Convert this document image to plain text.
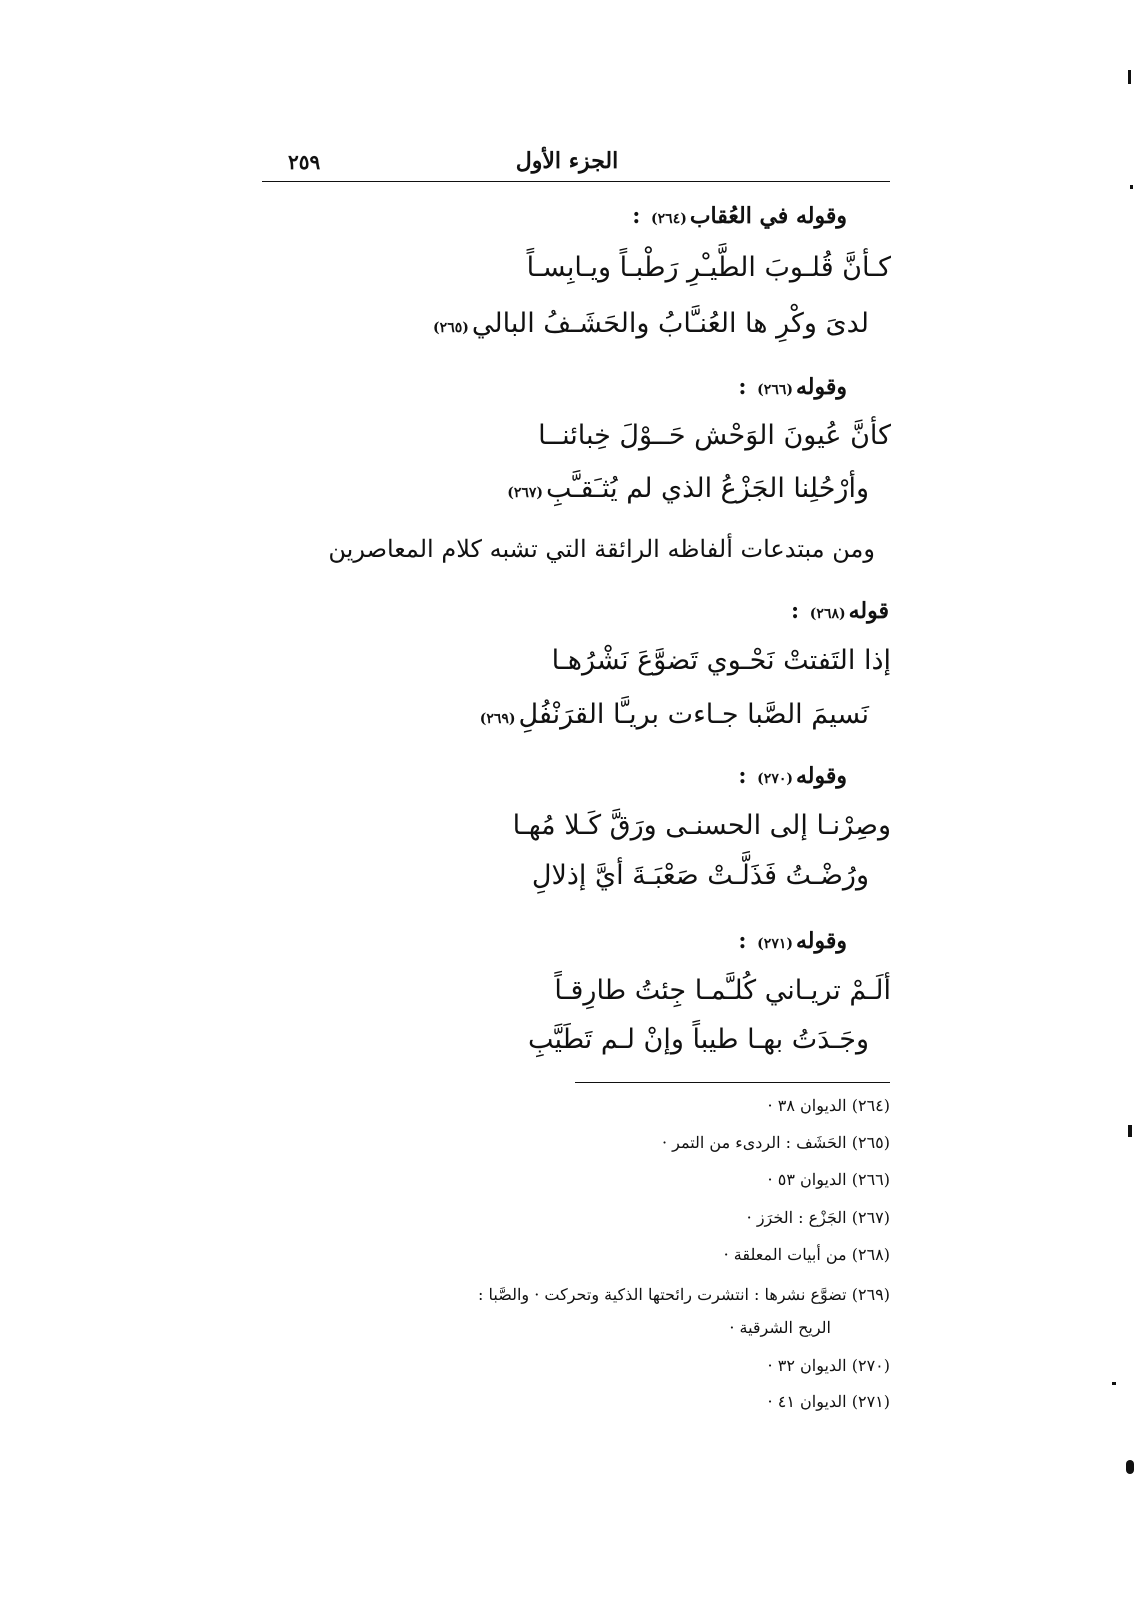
٢٥٩	الجزء الأول
وقوله في العُقاب(٢٦٤) :
كـأنَّ قُلـوبَ الطَّيـْرِ رَطْبـاً ويـابِسـاً
لدىَ وكْرِ ها العُنـَّابُ والحَشَـفُ البالي(٢٦٥)
وقوله(٢٦٦) :
كأنَّ عُيونَ الوَحْش حَــوْلَ خِبائنــا
وأرْحُلِنا الجَزْعُ الذي لم يُثـَقـَّبِ(٢٦٧)
ومن مبتدعات ألفاظه الرائقة التي تشبه كلام المعاصرين
قوله(٢٦٨) :
إذا التَفتتْ نَحْـوي تَضوَّعَ نَشْرُهـا
نَسيمَ الصَّبا جـاءت بريـَّا القرَنْفُلِ(٢٦٩)
وقوله(٢٧٠) :
وصِرْنـا إلى الحسنـى ورَقَّ كَـلا مُهـا
ورُضْـتُ فَذَلَّـتْ صَعْبَـةَ أيَّ إذلالِ
وقوله(٢٧١) :
ألَـمْ تريـاني كُلـَّمـا جِئتُ طارِقـاً
وجَـدَتُ بهـا طيباً وإنْ لـم تَطَيَّبِ
(٢٦٤) الديوان ٣٨ ·
(٢٦٥) الحَشَف : الردىء من التمر ·
(٢٦٦) الديوان ٥٣ ·
(٢٦٧) الجَزْع : الخرَز ·
(٢٦٨) من أبيات المعلقة ·
(٢٦٩) تضوَّع نشرها : انتشرت رائحتها الذكية وتحركت · والصَّبا :
الريح الشرقية ·
(٢٧٠) الديوان ٣٢ ·
(٢٧١) الديوان ٤١ ·
